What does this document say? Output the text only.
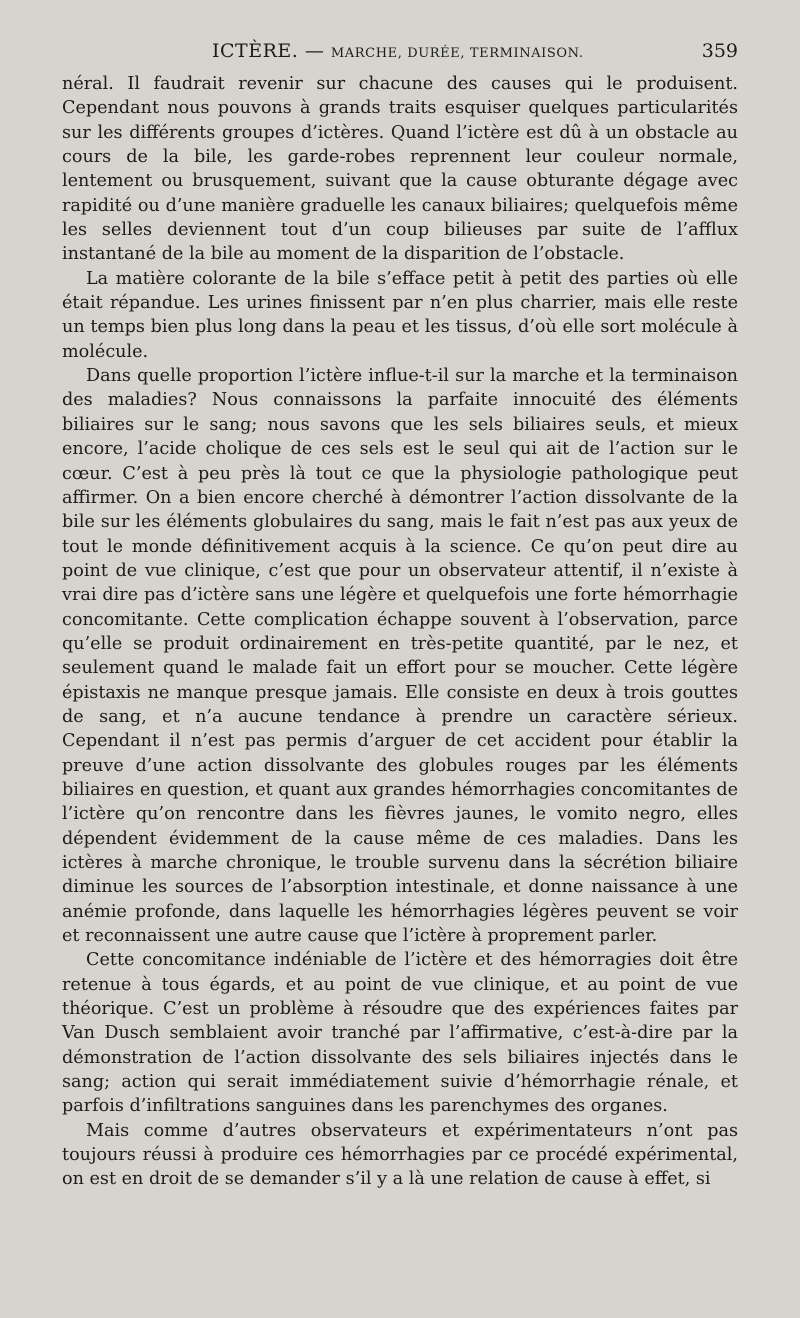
ICTÈRE. — MARCHE, DURÉE, TERMINAISON.	359

néral. Il faudrait revenir sur chacune des causes qui le produisent. Cependant nous pouvons à grands traits esquiser quelques particularités sur les différents groupes d’ictères. Quand l’ictère est dû à un obstacle au cours de la bile, les garde-robes reprennent leur couleur normale, lentement ou brusquement, suivant que la cause obturante dégage avec rapidité ou d’une manière graduelle les canaux biliaires; quelquefois même les selles deviennent tout d’un coup bilieuses par suite de l’afflux instantané de la bile au moment de la disparition de l’obstacle.

La matière colorante de la bile s’efface petit à petit des parties où elle était répandue. Les urines finissent par n’en plus charrier, mais elle reste un temps bien plus long dans la peau et les tissus, d’où elle sort molécule à molécule.

Dans quelle proportion l’ictère influe-t-il sur la marche et la terminaison des maladies? Nous connaissons la parfaite innocuité des éléments biliaires sur le sang; nous savons que les sels biliaires seuls, et mieux encore, l’acide cholique de ces sels est le seul qui ait de l’action sur le cœur. C’est à peu près là tout ce que la physiologie pathologique peut affirmer. On a bien encore cherché à démontrer l’action dissolvante de la bile sur les éléments globulaires du sang, mais le fait n’est pas aux yeux de tout le monde définitivement acquis à la science. Ce qu’on peut dire au point de vue clinique, c’est que pour un observateur attentif, il n’existe à vrai dire pas d’ictère sans une légère et quelquefois une forte hémorrhagie concomitante. Cette complication échappe souvent à l’observation, parce qu’elle se produit ordinairement en très-petite quantité, par le nez, et seulement quand le malade fait un effort pour se moucher. Cette légère épistaxis ne manque presque jamais. Elle consiste en deux à trois gouttes de sang, et n’a aucune tendance à prendre un caractère sérieux. Cependant il n’est pas permis d’arguer de cet accident pour établir la preuve d’une action dissolvante des globules rouges par les éléments biliaires en question, et quant aux grandes hémorrhagies concomitantes de l’ictère qu’on rencontre dans les fièvres jaunes, le vomito negro, elles dépendent évidemment de la cause même de ces maladies. Dans les ictères à marche chronique, le trouble survenu dans la sécrétion biliaire diminue les sources de l’absorption intestinale, et donne naissance à une anémie profonde, dans laquelle les hémorrhagies légères peuvent se voir et reconnaissent une autre cause que l’ictère à proprement parler.

Cette concomitance indéniable de l’ictère et des hémorragies doit être retenue à tous égards, et au point de vue clinique, et au point de vue théorique. C’est un problème à résoudre que des expériences faites par Van Dusch semblaient avoir tranché par l’affirmative, c’est-à-dire par la démonstration de l’action dissolvante des sels biliaires injectés dans le sang; action qui serait immédiatement suivie d’hémorrhagie rénale, et parfois d’infiltrations sanguines dans les parenchymes des organes.

Mais comme d’autres observateurs et expérimentateurs n’ont pas toujours réussi à produire ces hémorrhagies par ce procédé expérimental, on est en droit de se demander s’il y a là une relation de cause à effet, si
